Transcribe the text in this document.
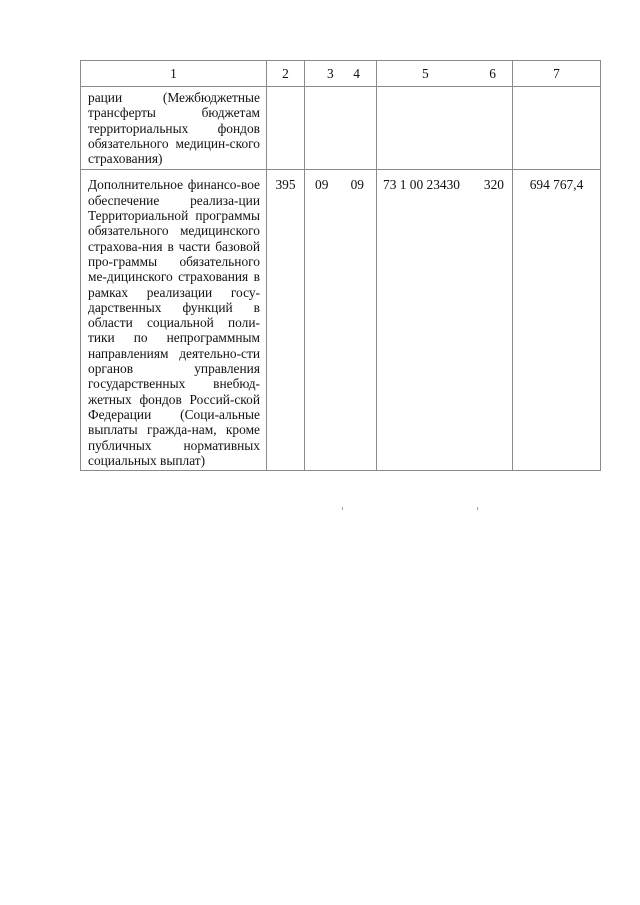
1	2	3 4	5 6	7

рации (Межбюджетные трансферты бюджетам территориальных фондов обязательного медицин-ского страхования)				

Дополнительное финансо-вое обеспечение реализа-ции Территориальной программы обязательного медицинского страхова-ния в части базовой про-граммы обязательного ме-дицинского страхования в рамках реализации госу-дарственных функций в области социальной поли-тики по непрограммным направлениям деятельно-сти органов управления государственных внебюд-жетных фондов Россий-ской Федерации (Соци-альные выплаты гражда-нам, кроме публичных нормативных социальных выплат)	395	09 09	73 1 00 23430 320	694 767,4
